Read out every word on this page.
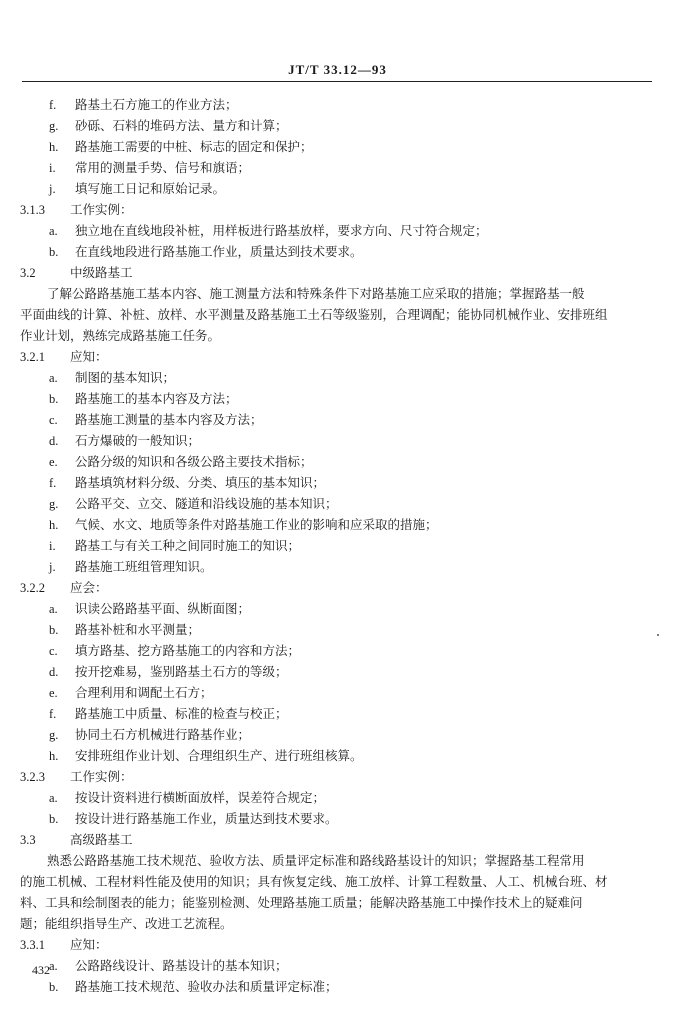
JT/T 33.12—93
f. 路基土石方施工的作业方法；
g. 砂砾、石料的堆码方法、量方和计算；
h. 路基施工需要的中桩、标志的固定和保护；
i. 常用的测量手势、信号和旗语；
j. 填写施工日记和原始记录。
3.1.3 工作实例：
a. 独立地在直线地段补桩，用样板进行路基放样，要求方向、尺寸符合规定；
b. 在直线地段进行路基施工作业，质量达到技术要求。
3.2	中级路基工
了解公路路基施工基本内容、施工测量方法和特殊条件下对路基施工应采取的措施；掌握路基一般
平面曲线的计算、补桩、放样、水平测量及路基施工土石等级鉴别，合理调配；能协同机械作业、安排班组
作业计划，熟练完成路基施工任务。
3.2.1 应知：
a. 制图的基本知识；
b. 路基施工的基本内容及方法；
c. 路基施工测量的基本内容及方法；
d. 石方爆破的一般知识；
e. 公路分级的知识和各级公路主要技术指标；
f. 路基填筑材料分级、分类、填压的基本知识；
g. 公路平交、立交、隧道和沿线设施的基本知识；
h. 气候、水文、地质等条件对路基施工作业的影响和应采取的措施；
i. 路基工与有关工种之间同时施工的知识；
j. 路基施工班组管理知识。
3.2.2 应会：
a. 识读公路路基平面、纵断面图；
b. 路基补桩和水平测量；
c. 填方路基、挖方路基施工的内容和方法；
d. 按开挖难易，鉴别路基土石方的等级；
e. 合理利用和调配土石方；
f. 路基施工中质量、标准的检查与校正；
g. 协同土石方机械进行路基作业；
h. 安排班组作业计划、合理组织生产、进行班组核算。
3.2.3 工作实例：
a. 按设计资料进行横断面放样，误差符合规定；
b. 按设计进行路基施工作业，质量达到技术要求。
3.3	高级路基工
熟悉公路路基施工技术规范、验收方法、质量评定标准和路线路基设计的知识；掌握路基工程常用
的施工机械、工程材料性能及使用的知识；具有恢复定线、施工放样、计算工程数量、人工、机械台班、材
料、工具和绘制图表的能力；能鉴别检测、处理路基施工质量；能解决路基施工中操作技术上的疑难问
题；能组织指导生产、改进工艺流程。
3.3.1 应知：
a. 公路路线设计、路基设计的基本知识；
b. 路基施工技术规范、验收办法和质量评定标准；
432
